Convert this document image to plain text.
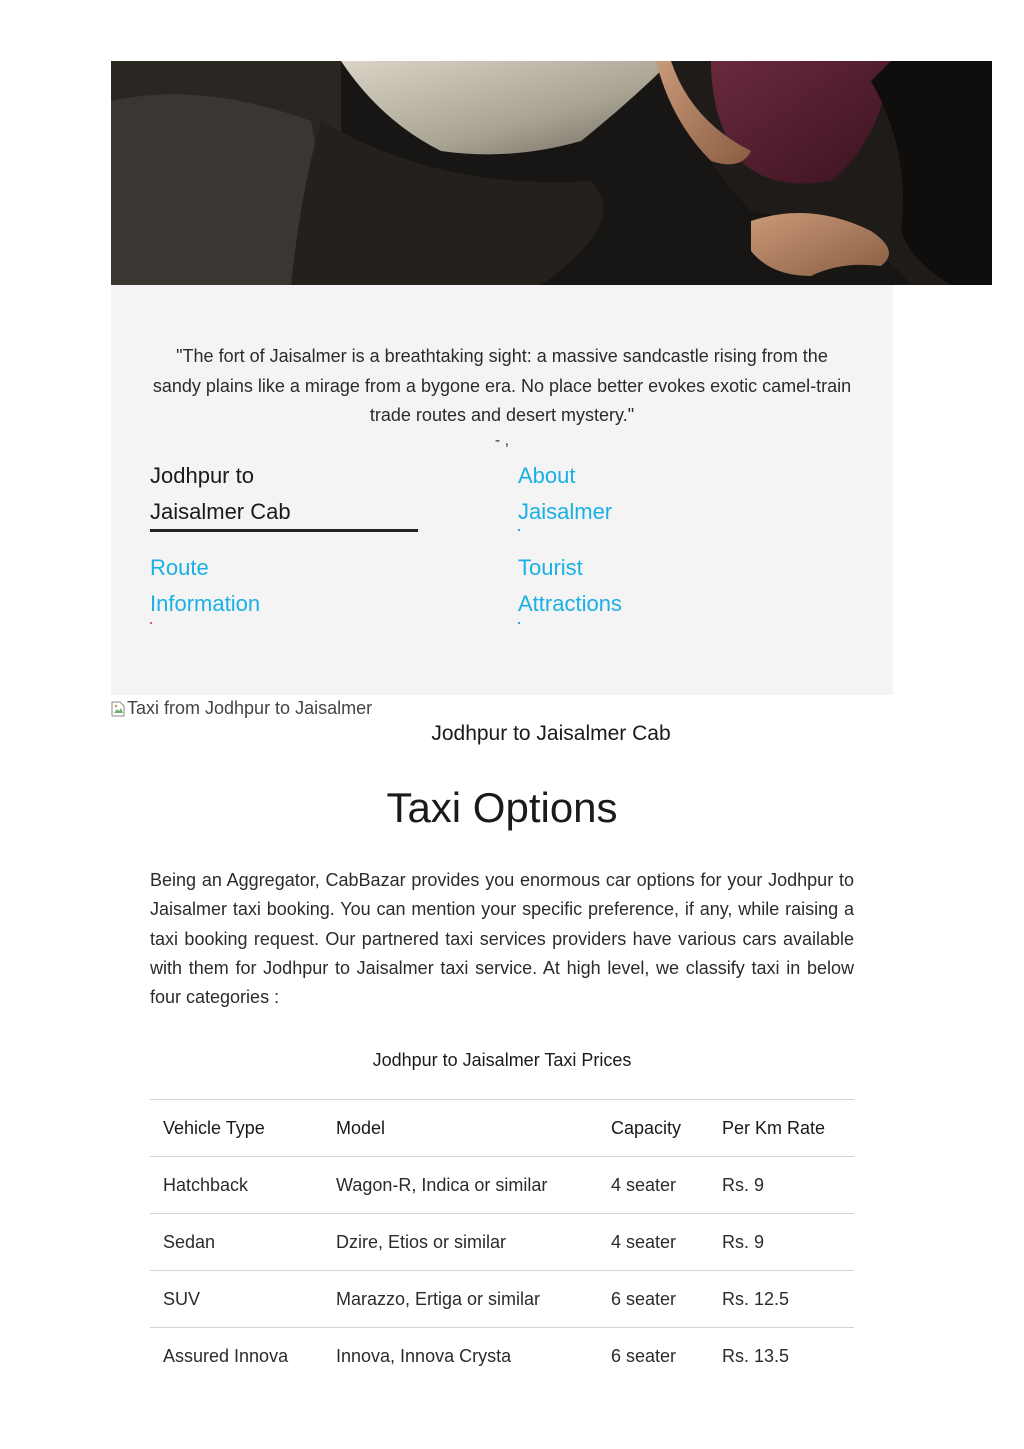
"The fort of Jaisalmer is a breathtaking sight: a massive sandcastle rising from the sandy plains like a mirage from a bygone era. No place better evokes exotic camel-train trade routes and desert mystery."

- ,
Jodhpur to
Jaisalmer Cab
About
Jaisalmer
Route
Information
Tourist
Attractions
Taxi from Jodhpur to Jaisalmer
Jodhpur to Jaisalmer Cab
Taxi Options

Being an Aggregator, CabBazar provides you enormous car options for your Jodhpur to Jaisalmer taxi booking. You can mention your specific preference, if any, while raising a taxi booking request. Our partnered taxi services providers have various cars available with them for Jodhpur to Jaisalmer taxi service. At high level, we classify taxi in below four categories :

Jodhpur to Jaisalmer Taxi Prices
Vehicle Type	Model	Capacity	Per Km Rate
Hatchback	Wagon-R, Indica or similar	4 seater	Rs. 9
Sedan	Dzire, Etios or similar	4 seater	Rs. 9
SUV	Marazzo, Ertiga or similar	6 seater	Rs. 12.5
Assured Innova	Innova, Innova Crysta	6 seater	Rs. 13.5
